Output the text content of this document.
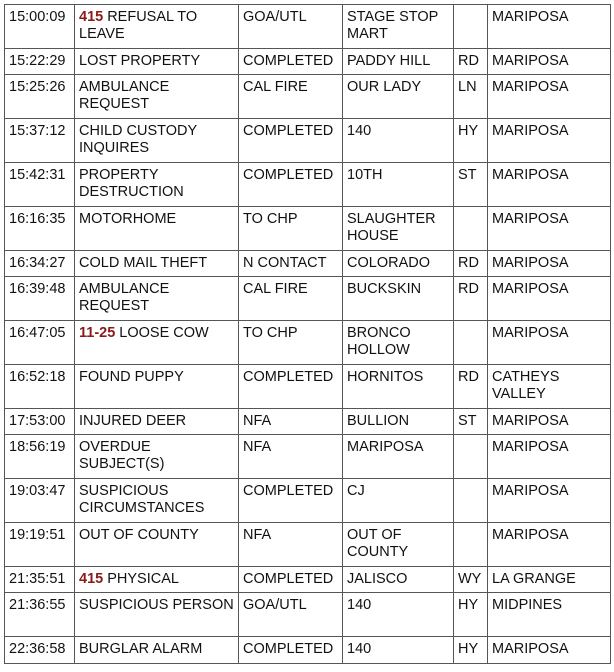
15:00:09	415 REFUSAL TO LEAVE	GOA/UTL	STAGE STOP MART		MARIPOSA
15:22:29	LOST PROPERTY	COMPLETED	PADDY HILL	RD	MARIPOSA
15:25:26	AMBULANCE REQUEST	CAL FIRE	OUR LADY	LN	MARIPOSA
15:37:12	CHILD CUSTODY INQUIRES	COMPLETED	140	HY	MARIPOSA
15:42:31	PROPERTY DESTRUCTION	COMPLETED	10TH	ST	MARIPOSA
16:16:35	MOTORHOME	TO CHP	SLAUGHTER HOUSE		MARIPOSA
16:34:27	COLD MAIL THEFT	N CONTACT	COLORADO	RD	MARIPOSA
16:39:48	AMBULANCE REQUEST	CAL FIRE	BUCKSKIN	RD	MARIPOSA
16:47:05	11-25 LOOSE COW	TO CHP	BRONCO HOLLOW		MARIPOSA
16:52:18	FOUND PUPPY	COMPLETED	HORNITOS	RD	CATHEYS VALLEY
17:53:00	INJURED DEER	NFA	BULLION	ST	MARIPOSA
18:56:19	OVERDUE SUBJECT(S)	NFA	MARIPOSA		MARIPOSA
19:03:47	SUSPICIOUS CIRCUMSTANCES	COMPLETED	CJ		MARIPOSA
19:19:51	OUT OF COUNTY	NFA	OUT OF COUNTY		MARIPOSA
21:35:51	415 PHYSICAL	COMPLETED	JALISCO	WY	LA GRANGE
21:36:55	SUSPICIOUS PERSON	GOA/UTL	140	HY	MIDPINES
22:36:58	BURGLAR ALARM	COMPLETED	140	HY	MARIPOSA
